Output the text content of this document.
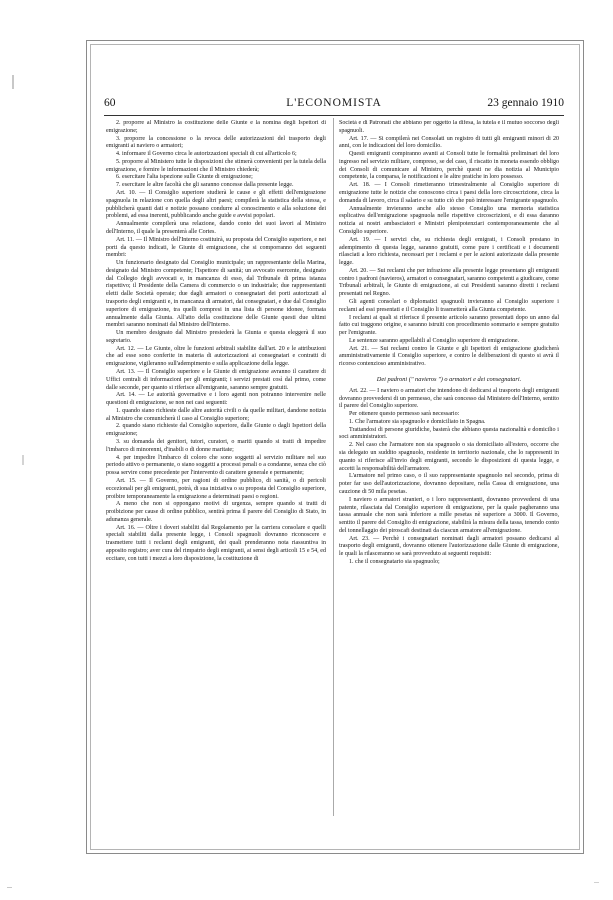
60	L'ECONOMISTA	23 gennaio 1910

2. proporre al Ministro la costituzione delle Giunte e la nomina degli Ispettori di emigrazione;

3. proporre la concessione o la revoca delle autorizzazioni del trasporto degli emigranti ai naviero o armatori;

4. informare il Governo circa le autorizzazioni speciali di cui all'articolo 6;

5. proporre al Ministero tutte le disposizioni che stimerà convenienti per la tutela della emigrazione, e fornire le informazioni che il Ministro chiederà;

6. esercitare l'alta ispezione sulle Giunte di emigrazione;

7. esercitare le altre facoltà che gli saranno concesse dalla presente legge.

Art. 10. — Il Consiglio superiore studierà le cause e gli effetti dell'emigrazione spagnuola in relazione con quella degli altri paesi; compilerà la statistica della stessa, e pubblicherà quanti dati e notizie possano condurre al conoscimento e alla soluzione dei problemi, ad essa inerenti, pubblicando anche guide e avvisi popolari.

Annualmente compilerà una relazione, dando conto dei suoi lavori al Ministro dell'Interno, il quale la presenterà alle Cortes.

Art. 11. — Il Ministro dell'Interno costituirà, su proposta del Consiglio superiore, e nei porti da questo indicati, le Giunte di emigrazione, che si comporranno dei seguenti membri:

Un funzionario designato dal Consiglio municipale; un rappresentante della Marina, designato dal Ministro competente; l'Ispettore di sanità; un avvocato esercente, designato dal Collegio degli avvocati e, in mancanza di esso, dal Tribunale di prima istanza rispettivo; il Presidente della Camera di commercio o un industriale; due rappresentanti eletti dalle Società operaie; due dagli armatori o consegnatari dei porti autorizzati al trasporto degli emigranti e, in mancanza di armatori, dai consegnatari, e due dal Consiglio superiore di emigrazione, tra quelli compresi in una lista di persone idonee, formata annualmente dalla Giunta. All'atto della costituzione delle Giunte questi due ultimi membri saranno nominati dal Ministro dell'Interno.

Un membro designato dal Ministro presiederà la Giunta e questa eleggerà il suo segretario.

Art. 12. — Le Giunte, oltre le funzioni arbitrali stabilite dall'art. 20 e le attribuzioni che ad esse sono conferite in materia di autorizzazioni ai consegnatari e contratti di emigrazione, vigileranno sull'adempimento e sulla applicazione della legge.

Art. 13. — Il Consiglio superiore e le Giunte di emigrazione avranno il carattere di Uffici centrali di informazioni per gli emigranti; i servizi prestati così dal primo, come dalle seconde, per quanto si riferisce all'emigrante, saranno sempre gratuiti.

Art. 14. — Le autorità governative e i loro agenti non potranno intervenire nelle questioni di emigrazione, se non nei casi seguenti:

1. quando siano richieste dalle altre autorità civili o da quelle militari, dandone notizia al Ministro che comunicherà il caso al Consiglio superiore;

2. quando siano richieste dal Consiglio superiore, dalle Giunte o dagli Ispettori della emigrazione;

3. su domanda dei genitori, tutori, curatori, o mariti quando si tratti di impedire l'imbarco di minorenni, d'inabili o di donne maritate;

4. per impedire l'imbarco di coloro che sono soggetti al servizio militare nel suo periodo attivo o permanente, o siano soggetti a processi penali o a condanne, senza che ciò possa servire come precedente per l'intervento di carattere generale e permanente;

Art. 15. — Il Governo, per ragioni di ordine pubblico, di sanità, o di pericoli eccezionali per gli emigranti, potrà, di sua iniziativa o su proposta del Consiglio superiore, proibire temporaneamente la emigrazione a determinati paesi o regioni.

A meno che non si oppongano motivi di urgenza, sempre quando si tratti di proibizione per cause di ordine pubblico, sentirà prima il parere del Consiglio di Stato, in adunanza generale.

Art. 16. — Oltre i doveri stabiliti dal Regolamento per la carriera consolare e quelli speciali stabiliti dalla presente legge, i Consoli spagnuoli dovranno riconoscere e trasmettere tutti i reclami degli emigranti, dei quali prenderanno nota riassuntiva in apposito registro; aver cura del rimpatrio degli emigranti, ai sensi degli articoli 15 e 54, ed eccitare, con tutti i mezzi a loro disposizione, la costituzione di

Società e di Patronati che abbiano per oggetto la difesa, la tutela e il mutuo soccorso degli spagnuoli.

Art. 17. — Si compilerà nei Consolati un registro di tutti gli emigranti minori di 20 anni, con le indicazioni del loro domicilio.

Questi emigranti compiranno avanti ai Consoli tutte le formalità preliminari del loro ingresso nel servizio militare, compreso, se del caso, il riscatto in moneta essendo obbligo dei Consoli di comunicare al Ministro, perchè questi ne dia notizia al Municipio competente, la comparsa, le notificazioni e le altre pratiche in loro possesso.

Art. 18. — I Consoli rimetteranno trimestralmente al Consiglio superiore di emigrazione tutte le notizie che conoscono circa i paesi della loro circoscrizione, circa la domanda di lavoro, circa il salario e su tutto ciò che può interessare l'emigrante spagnuolo.

Annualmente invieranno anche allo stesso Consiglio una memoria statistica esplicativa dell'emigrazione spagnuola nelle rispettive circoscrizioni, e di essa daranno notizia ai nostri ambasciatori e Ministri plenipotenziari contemporaneamente che al Consiglio superiore.

Art. 19. — I servizi che, su richiesta degli emigrati, i Consoli prestano in adempimento di questa legge, saranno gratuiti, come pure i certificati e i documenti rilasciati a loro richiesta, necessari per i reclami e per le azioni autorizzate dalla presente legge.

Art. 20. — Sui reclami che per infrazione alla presente legge presentano gli emigranti contro i padroni (navieros), armatori o consegnatari, saranno competenti a giudicare, come Tribunali arbitrali, le Giunte di emigrazione, ai cui Presidenti saranno diretti i reclami presentati nel Regno.

Gli agenti consolari o diplomatici spagnuoli invieranno al Consiglio superiore i reclami ad essi presentati e il Consiglio li trasmetterà alla Giunta competente.

I reclami ai quali si riferisce il presente articolo saranno presentati dopo un anno dal fatto cui traggono origine, e saranno istruiti con procedimento sommario e sempre gratuito per l'emigrante.

Le sentenze saranno appellabili al Consiglio superiore di emigrazione.

Art. 21. — Sui reclami contro le Giunte e gli Ispettori di emigrazione giudicherà amministrativamente il Consiglio superiore, e contro le deliberazioni di questo si avrà il ricorso contenzioso amministrativo.

Dei padroni (" navieros ") o armatori e dei consegnatari.

Art. 22. — I naviero o armatori che intendono di dedicarsi al trasporto degli emigranti dovranno provvedersi di un permesso, che sarà concesso dal Ministero dell'Interno, sentito il parere del Consiglio superiore.

Per ottenere questo permesso sarà necessario:

1. Che l'armatore sia spagnuolo e domiciliato in Spagna.

Trattandosi di persone giuridiche, basterà che abbiano questa nazionalità e domicilio i soci amministratori.

2. Nel caso che l'armatore non sia spagnuolo o sia domiciliato all'estero, occorre che sia delegato un suddito spagnuolo, residente in territorio nazionale, che lo rappresenti in quanto si riferisce all'invio degli emigranti, secondo le disposizioni di questa legge, e accetti la responsabilità dell'armatore.

L'armatore nel primo caso, o il suo rappresentante spagnuolo nel secondo, prima di poter far uso dell'autorizzazione, dovranno depositare, nella Cassa di emigrazione, una cauzione di 50 mila pesetas.

I naviero o armatori stranieri, o i loro rappresentanti, dovranno provvedersi di una patente, rilasciata dal Consiglio superiore di emigrazione, per la quale pagheranno una tassa annuale che non sarà inferiore a mille pesetas nè superiore a 3000. Il Governo, sentito il parere del Consiglio di emigrazione, stabilirà la misura della tassa, tenendo conto del tonnellaggio dei piroscafi destinati da ciascun armatore all'emigrazione.

Art. 23. — Perchè i consegnatari nominati dagli armatori possano dedicarsi al trasporto degli emigranti, dovranno ottenere l'autorizzazione dalle Giunte di emigrazione, le quali la rilasceranno se sarà provveduto ai seguenti requisiti:

1. che il consegnatario sia spagnuolo;
